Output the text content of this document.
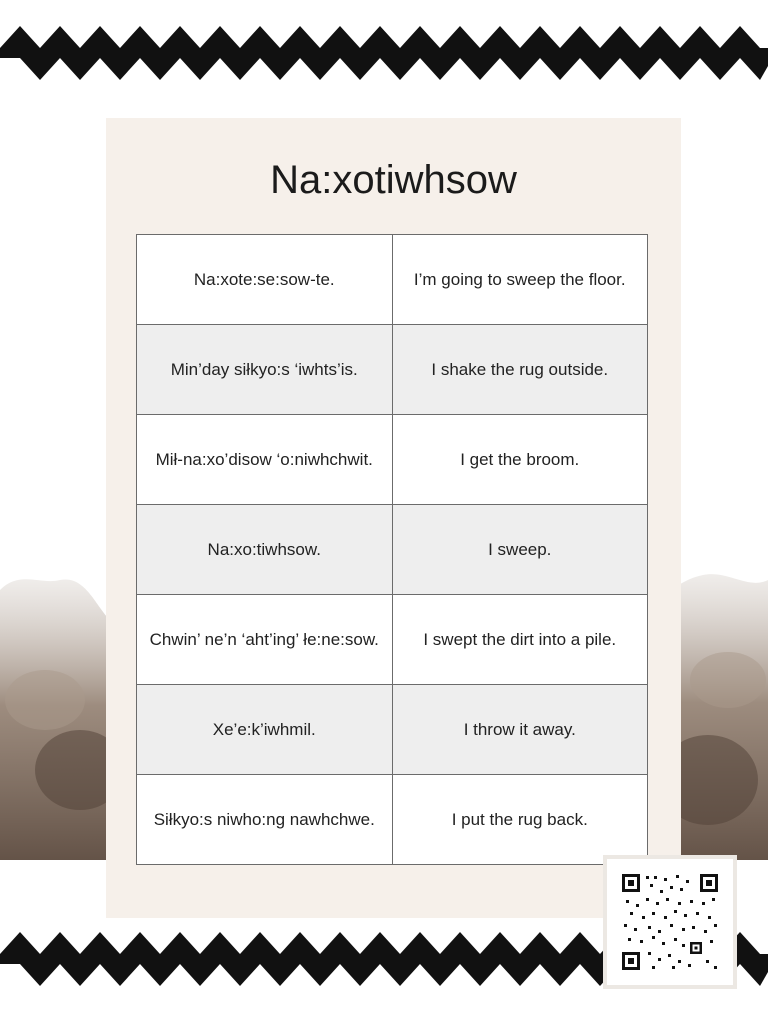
Na:xotiwhsow
Na:xote:se:sow-te.	I’m going to sweep the floor.
Min’day siłkyo:s ‘iwhts’is.	I shake the rug outside.
Mił-na:xo’disow ‘o:niwhchwit.	I get the broom.
Na:xo:tiwhsow.	I sweep.
Chwin’ ne’n ‘aht’ing’ łe:ne:sow.	I swept the dirt into a pile.
Xe’e:k’iwhmil.	I throw it away.
Siłkyo:s niwho:ng nawhchwe.	I put the rug back.
